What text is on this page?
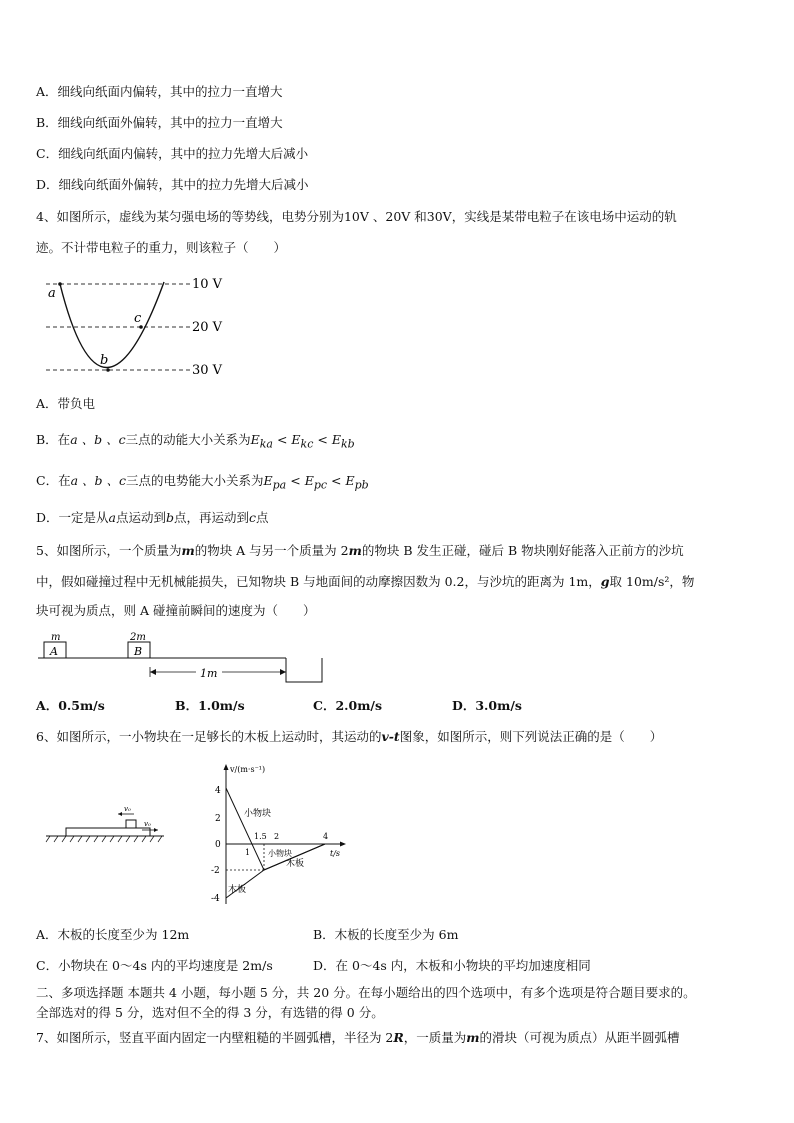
A．细线向纸面内偏转，其中的拉力一直增大
B．细线向纸面外偏转，其中的拉力一直增大
C．细线向纸面内偏转，其中的拉力先增大后减小
D．细线向纸面外偏转，其中的拉力先增大后减小
4、如图所示，虚线为某匀强电场的等势线，电势分别为10V 、20V 和30V，实线是某带电粒子在该电场中运动的轨
迹。不计带电粒子的重力，则该粒子（　　）
10 V
20 V
30 V
a
b
c
A．带负电
B．在a 、b 、c三点的动能大小关系为$E_{ka} < E_{kc} < E_{kb}$
C．在a 、b 、c三点的电势能大小关系为$E_{pa} < E_{pc} < E_{pb}$
D．一定是从a点运动到b点，再运动到c点
5、如图所示，一个质量为m的物块 A 与另一个质量为 2m的物块 B 发生正碰，碰后 B 物块刚好能落入正前方的沙坑
中，假如碰撞过程中无机械能损失，已知物块 B 与地面间的动摩擦因数为 0.2，与沙坑的距离为 1m，g取 10m/s²，物
块可视为质点，则 A 碰撞前瞬间的速度为（　　）
m
A
2m
B
1m
A．0.5m/s	B．1.0m/s	C．2.0m/s	D．3.0m/s
6、如图所示，一小物块在一足够长的木板上运动时，其运动的v-t图象，如图所示，则下列说法正确的是（　　）
v₀
v₀
v/(m·s⁻¹)
t/s
4
2
0
-2
-4
1
1.5 2	4
小物块
小物块
木板
木板
A．木板的长度至少为 12m	B．木板的长度至少为 6m
C．小物块在 0～4s 内的平均速度是 2m/s	D．在 0～4s 内，木板和小物块的平均加速度相同
二、多项选择题 本题共 4 小题，每小题 5 分，共 20 分。在每小题给出的四个选项中，有多个选项是符合题目要求的。
全部选对的得 5 分，选对但不全的得 3 分，有选错的得 0 分。
7、如图所示，竖直平面内固定一内壁粗糙的半圆弧槽，半径为 2R，一质量为m的滑块（可视为质点）从距半圆弧槽
